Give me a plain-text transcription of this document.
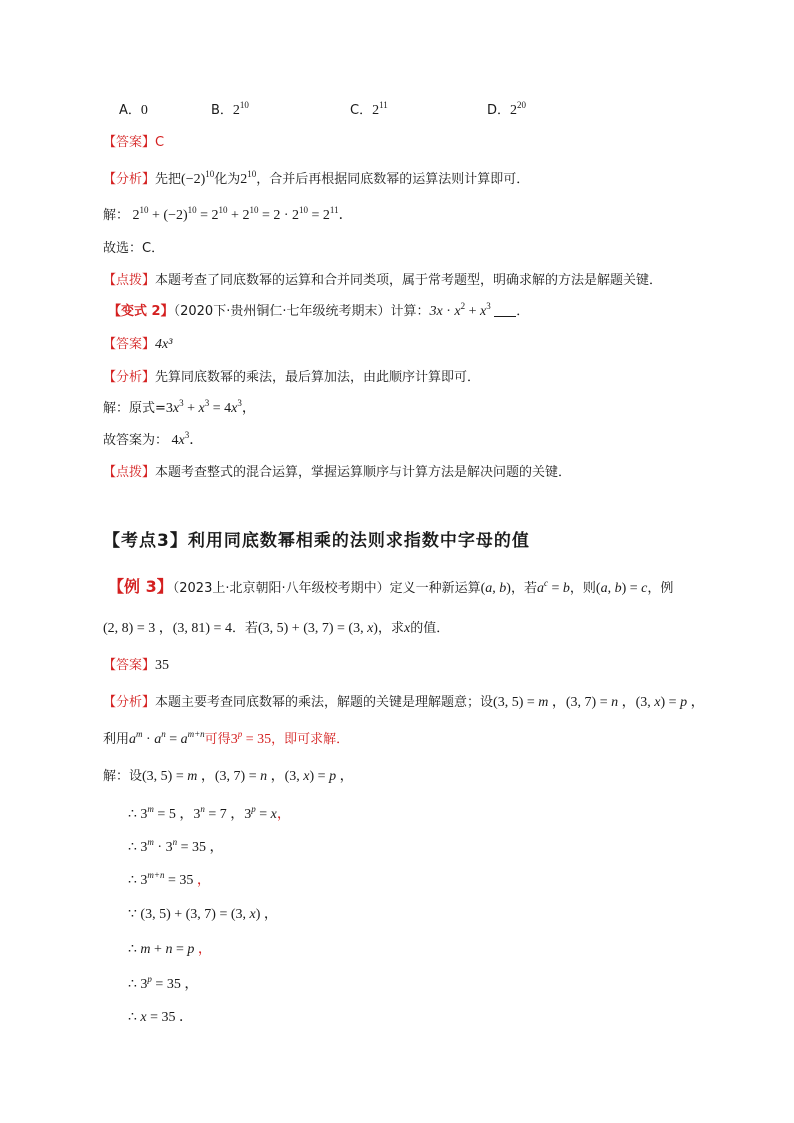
A．0	B．$2^{10}$	C．$2^{11}$	D．$2^{20}$
【答案】C
【分析】先把$(-2)^{10}$化为$2^{10}$，合并后再根据同底数幂的运算法则计算即可．
解： $2^{10} + (-2)^{10} = 2^{10} + 2^{10} = 2 \cdot 2^{10} = 2^{11}$．
故选：C．
【点拨】本题考查了同底数幂的运算和合并同类项，属于常考题型，明确求解的方法是解题关键．
【变式 2】（2020下·贵州铜仁·七年级统考期末）计算：$3x \cdot x^2 + x^3$ ．
【答案】4x³
【分析】先算同底数幂的乘法，最后算加法，由此顺序计算即可．
解：原式$=3x^3 + x^3 = 4x^3$，
故答案为： $4x^3$．
【点拨】本题考查整式的混合运算，掌握运算顺序与计算方法是解决问题的关键．
【考点3】利用同底数幂相乘的法则求指数中字母的值
【例 3】（2023上·北京朝阳·八年级校考期中）定义一种新运算(a, b)，若$a^c = b$，则(a, b) = c，例
(2, 8) = 3 ，(3, 81) = 4．若(3, 5) + (3, 7) = (3, x)，求x的值．
【答案】35
【分析】本题主要考查同底数幂的乘法，解题的关键是理解题意；设(3, 5) = m ，(3, 7) = n ，(3, x) = p ，
利用$a^m \cdot a^n = a^{m+n}$可得$3^p = 35$，即可求解．
解：设(3, 5) = m ，(3, 7) = n ，(3, x) = p ，
∴ $3^m = 5$ ，$3^n = 7$ ，$3^p = x$，
∴ $3^m \cdot 3^n = 35$ ，
∴ $3^{m+n} = 35$ ，
∵ (3, 5) + (3, 7) = (3, x) ，
∴ m + n = p ，
∴ $3^p = 35$ ，
∴ x = 35 ．
